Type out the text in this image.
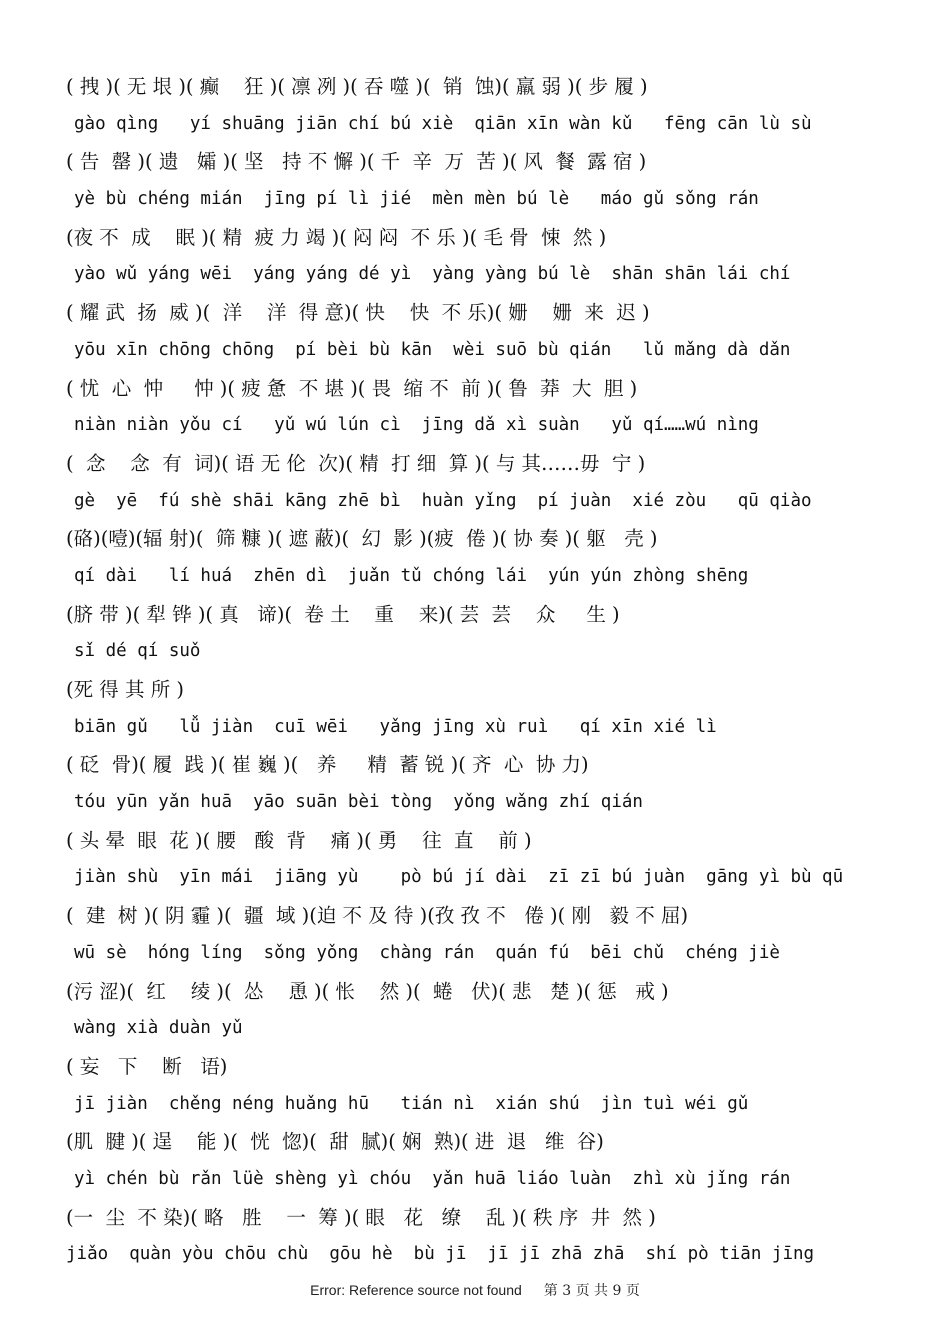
( 拽 )( 无 垠 )( 癫    狂 )( 凛 冽 )( 吞 噬 )(  销  蚀)( 羸 弱 )( 步 履 )
gào qìng   yí shuāng jiān chí bú xiè  qiān xīn wàn kǔ   fēng cān lù sù
( 告  罄 )( 遗   孀 )( 坚   持 不 懈 )( 千  辛  万  苦 )( 风  餐  露 宿 )
yè bù chéng mián  jīng pí lì jié  mèn mèn bú lè   máo gǔ sǒng rán
(夜 不  成    眠 )( 精  疲 力 竭 )( 闷 闷  不 乐 )( 毛 骨  悚  然 )
yào wǔ yáng wēi  yáng yáng dé yì  yàng yàng bú lè  shān shān lái chí
( 耀 武  扬  威 )(  洋    洋  得 意)( 快    快  不 乐)( 姗    姗  来  迟 )
yōu xīn chōng chōng  pí bèi bù kān  wèi suō bù qián   lǔ mǎng dà dǎn
( 忧  心  忡     忡 )( 疲 惫  不 堪 )( 畏  缩 不  前 )( 鲁  莽  大  胆 )
niàn niàn yǒu cí   yǔ wú lún cì  jīng dǎ xì suàn   yǔ qí……wú nìng
(  念    念  有  词)( 语 无 伦  次)( 精  打 细  算 )( 与 其……毋  宁 )
gè  yē  fú shè shāi kāng zhē bì  huàn yǐng  pí juàn  xié zòu   qū qiào
(硌)(噎)(辐 射)(  筛 糠 )( 遮 蔽)(  幻  影 )(疲  倦 )( 协 奏 )( 躯   壳 )
qí dài   lí huá  zhēn dì  juǎn tǔ chóng lái  yún yún zhòng shēng
(脐 带 )( 犁 铧 )( 真   谛)(  卷 土    重    来)( 芸  芸    众     生 )
sǐ dé qí suǒ
(死 得 其 所 )
biān gǔ   lǚ jiàn  cuī wēi   yǎng jīng xù ruì   qí xīn xié lì
( 砭  骨)( 履  践 )( 崔 巍 )(   养     精  蓄 锐 )( 齐  心  协 力)
tóu yūn yǎn huā  yāo suān bèi tòng  yǒng wǎng zhí qián
( 头 晕  眼  花 )( 腰   酸  背    痛 )( 勇    往  直    前 )
jiàn shù  yīn mái  jiāng yù    pò bú jí dài  zī zī bú juàn  gāng yì bù qū
(  建  树 )( 阴 霾 )(  疆  域 )(迫 不 及 待 )(孜 孜 不   倦 )( 刚   毅 不 屈)
wū sè  hóng líng  sǒng yǒng  chàng rán  quán fú  bēi chǔ  chéng jiè
(污 涩)(  红    绫 )(  怂    恿 )( 怅    然 )(  蜷   伏)( 悲   楚 )( 惩   戒 )
wàng xià duàn yǔ
( 妄   下    断   语)
jī jiàn  chěng néng huǎng hū   tián nì  xián shú  jìn tuì wéi gǔ
(肌  腱 )( 逞    能 )(  恍  惚)(  甜  腻)( 娴  熟)( 进  退   维  谷)
yì chén bù rǎn lüè shèng yì chóu  yǎn huā liáo luàn  zhì xù jǐng rán
(一  尘  不 染)( 略   胜    一  筹 )( 眼   花   缭    乱 )( 秩 序  井  然 )
jiǎo  quàn yòu chōu chù  gōu hè  bù jī  jī jī zhā zhā  shí pò tiān jīng
Error: Reference source not found 第 3 页 共 9 页
